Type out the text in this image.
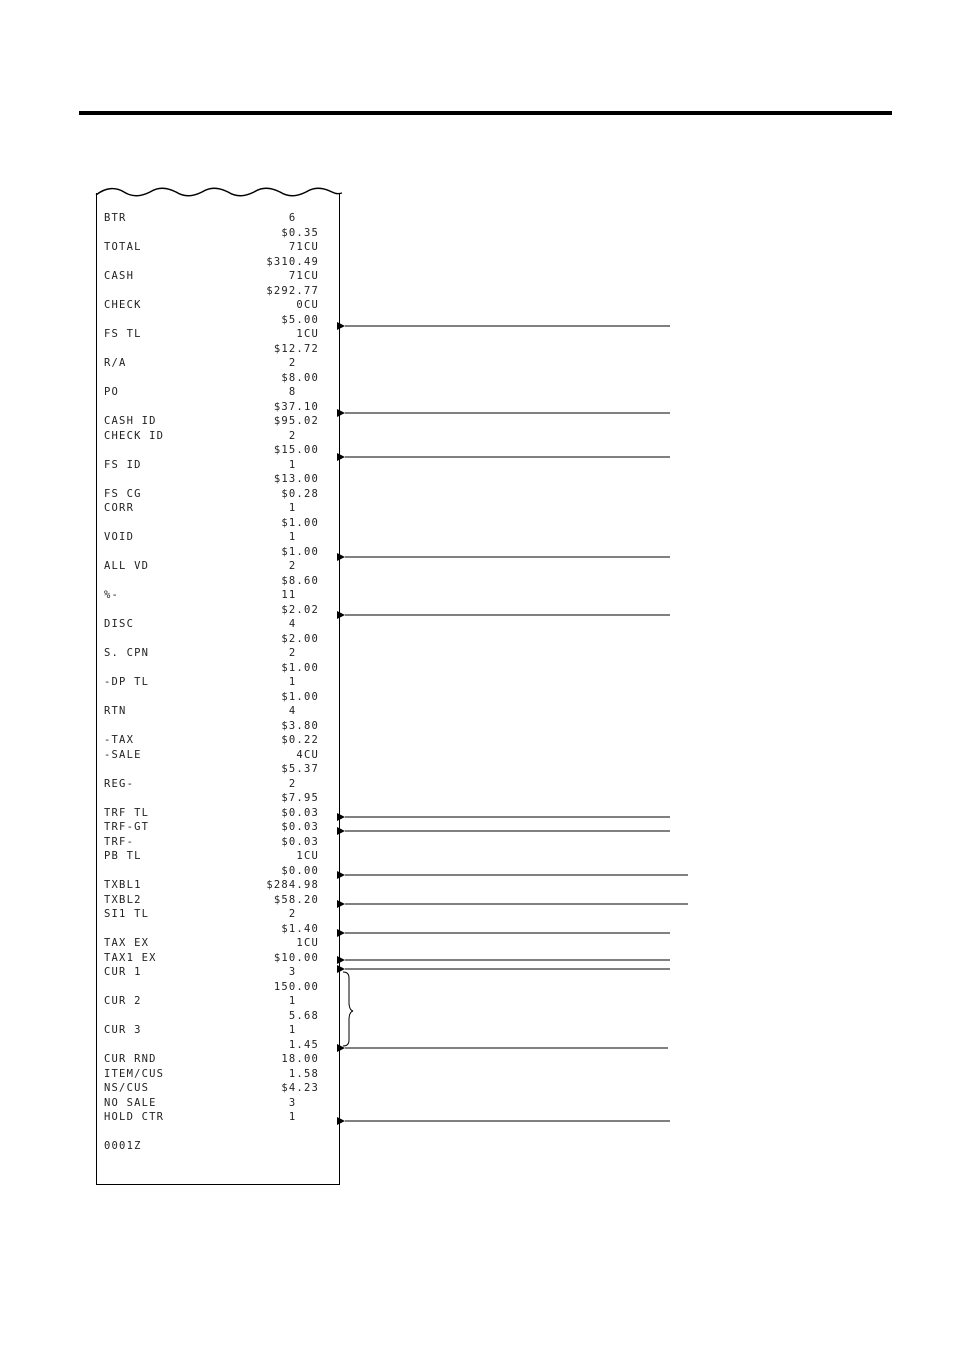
BTR	6
$0.35
TOTAL	71CU
$310.49
CASH	71CU
$292.77
CHECK	0CU
$5.00
FS TL	1CU
$12.72
R/A	2
$8.00
PO	8
$37.10
CASH ID	$95.02
CHECK ID	2
$15.00
FS ID	1
$13.00
FS CG	$0.28
CORR	1
$1.00
VOID	1
$1.00
ALL VD	2
$8.60
%-	11
$2.02
DISC	4
$2.00
S. CPN	2
$1.00
-DP TL	1
$1.00
RTN	4
$3.80
-TAX	$0.22
-SALE	4CU
$5.37
REG-	2
$7.95
TRF TL	$0.03
TRF-GT	$0.03
TRF-	$0.03
PB TL	1CU
$0.00
TXBL1	$284.98
TXBL2	$58.20
SI1 TL	2
$1.40
TAX EX	1CU
TAX1 EX	$10.00
CUR 1	3
150.00
CUR 2	1
5.68
CUR 3	1
1.45
CUR RND	18.00
ITEM/CUS	1.58
NS/CUS	$4.23
NO SALE	3
HOLD CTR	1
0001Z
